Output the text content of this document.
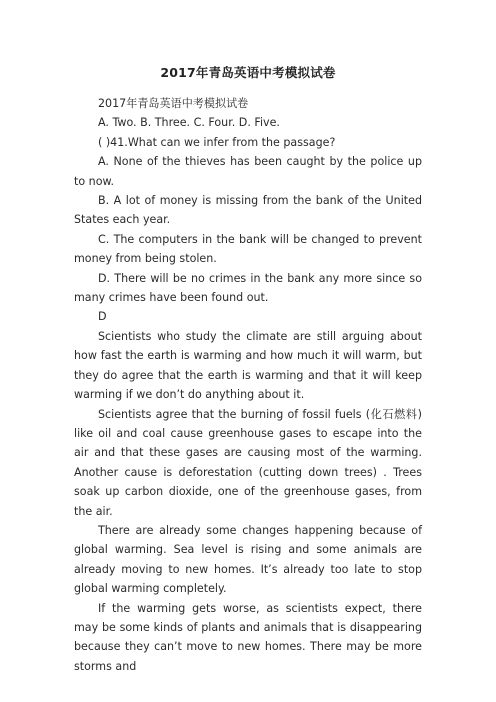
2017年青岛英语中考模拟试卷

2017年青岛英语中考模拟试卷

A. Two. B. Three. C. Four. D. Five.

( )41.What can we infer from the passage?

A. None of the thieves has been caught by the police up to now.

B. A lot of money is missing from the bank of the United States each year.

C. The computers in the bank will be changed to prevent money from being stolen.

D. There will be no crimes in the bank any more since so many crimes have been found out.

D

Scientists who study the climate are still arguing about how fast the earth is warming and how much it will warm, but they do agree that the earth is warming and that it will keep warming if we don’t do anything about it.

Scientists agree that the burning of fossil fuels (化石燃料) like oil and coal cause greenhouse gases to escape into the air and that these gases are causing most of the warming. Another cause is deforestation (cutting down trees) . Trees soak up carbon dioxide, one of the greenhouse gases, from the air.

There are already some changes happening because of global warming. Sea level is rising and some animals are already moving to new homes. It’s already too late to stop global warming completely.

If the warming gets worse, as scientists expect, there may be some kinds of plants and animals that is disappearing because they can’t move to new homes. There may be more storms and
